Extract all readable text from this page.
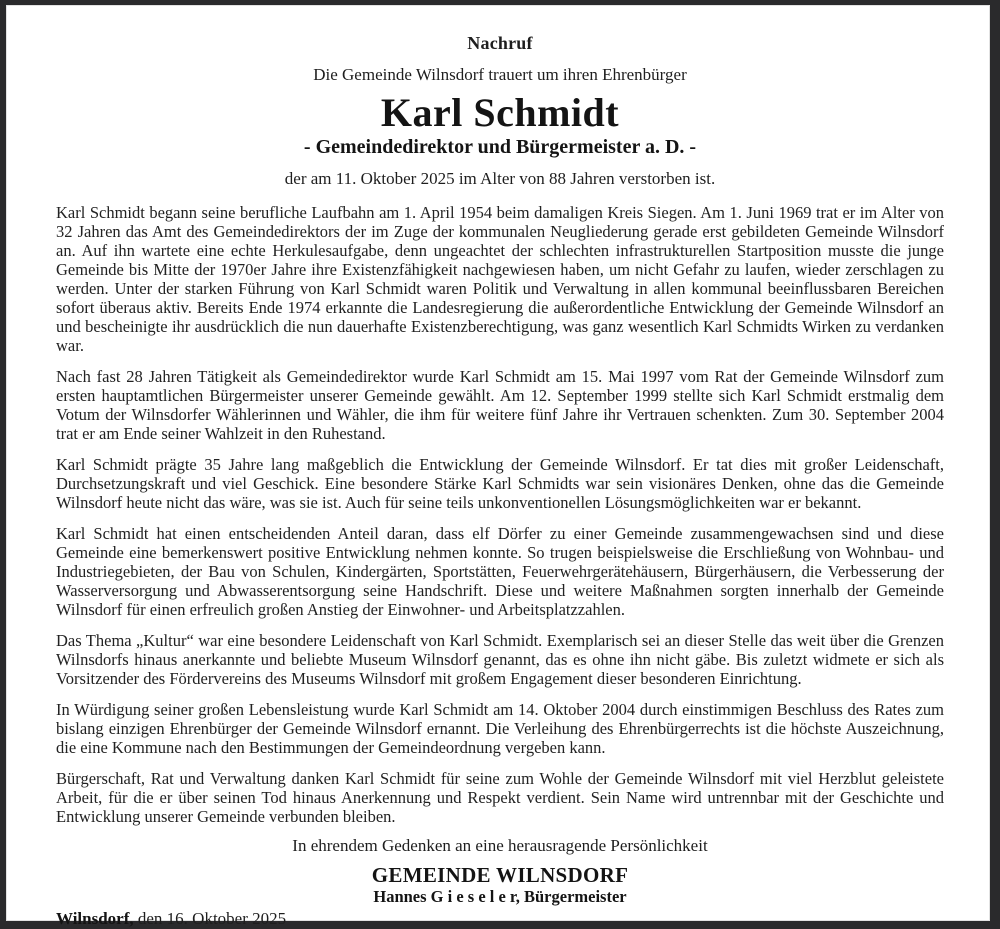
Nachruf
Die Gemeinde Wilnsdorf trauert um ihren Ehrenbürger
Karl Schmidt
- Gemeindedirektor und Bürgermeister a. D. -
der am 11. Oktober 2025 im Alter von 88 Jahren verstorben ist.

Karl Schmidt begann seine berufliche Laufbahn am 1. April 1954 beim damaligen Kreis Siegen. Am 1. Juni 1969 trat er im Alter von 32 Jahren das Amt des Gemeindedirektors der im Zuge der kommunalen Neugliederung gerade erst gebildeten Gemeinde Wilnsdorf an. Auf ihn wartete eine echte Herkulesaufgabe, denn ungeachtet der schlechten infrastrukturellen Startposition musste die junge Gemeinde bis Mitte der 1970er Jahre ihre Existenzfähigkeit nachgewiesen haben, um nicht Gefahr zu laufen, wieder zerschlagen zu werden. Unter der starken Führung von Karl Schmidt waren Politik und Verwaltung in allen kommunal beeinflussbaren Bereichen sofort überaus aktiv. Bereits Ende 1974 erkannte die Landesregierung die außerordentliche Entwicklung der Gemeinde Wilnsdorf an und bescheinigte ihr ausdrücklich die nun dauerhafte Existenzberechtigung, was ganz wesentlich Karl Schmidts Wirken zu verdanken war.

Nach fast 28 Jahren Tätigkeit als Gemeindedirektor wurde Karl Schmidt am 15. Mai 1997 vom Rat der Gemeinde Wilnsdorf zum ersten hauptamtlichen Bürgermeister unserer Gemeinde gewählt. Am 12. September 1999 stellte sich Karl Schmidt erstmalig dem Votum der Wilnsdorfer Wählerinnen und Wähler, die ihm für weitere fünf Jahre ihr Vertrauen schenkten. Zum 30. September 2004 trat er am Ende seiner Wahlzeit in den Ruhestand.

Karl Schmidt prägte 35 Jahre lang maßgeblich die Entwicklung der Gemeinde Wilnsdorf. Er tat dies mit großer Leidenschaft, Durchsetzungskraft und viel Geschick. Eine besondere Stärke Karl Schmidts war sein visionäres Denken, ohne das die Gemeinde Wilnsdorf heute nicht das wäre, was sie ist. Auch für seine teils unkonventionellen Lösungsmöglichkeiten war er bekannt.

Karl Schmidt hat einen entscheidenden Anteil daran, dass elf Dörfer zu einer Gemeinde zusammengewachsen sind und diese Gemeinde eine bemerkenswert positive Entwicklung nehmen konnte. So trugen beispielsweise die Erschließung von Wohnbau- und Industriegebieten, der Bau von Schulen, Kindergärten, Sportstätten, Feuerwehrgerätehäusern, Bürgerhäusern, die Verbesserung der Wasserversorgung und Abwasserentsorgung seine Handschrift. Diese und weitere Maßnahmen sorgten innerhalb der Gemeinde Wilnsdorf für einen erfreulich großen Anstieg der Einwohner- und Arbeitsplatzzahlen.

Das Thema „Kultur“ war eine besondere Leidenschaft von Karl Schmidt. Exemplarisch sei an dieser Stelle das weit über die Grenzen Wilnsdorfs hinaus anerkannte und beliebte Museum Wilnsdorf genannt, das es ohne ihn nicht gäbe. Bis zuletzt widmete er sich als Vorsitzender des Fördervereins des Museums Wilnsdorf mit großem Engagement dieser besonderen Einrichtung.

In Würdigung seiner großen Lebensleistung wurde Karl Schmidt am 14. Oktober 2004 durch einstimmigen Beschluss des Rates zum bislang einzigen Ehrenbürger der Gemeinde Wilnsdorf ernannt. Die Verleihung des Ehrenbürgerrechts ist die höchste Auszeichnung, die eine Kommune nach den Bestimmungen der Gemeindeordnung vergeben kann.

Bürgerschaft, Rat und Verwaltung danken Karl Schmidt für seine zum Wohle der Gemeinde Wilnsdorf mit viel Herzblut geleistete Arbeit, für die er über seinen Tod hinaus Anerkennung und Respekt verdient. Sein Name wird untrennbar mit der Geschichte und Entwicklung unserer Gemeinde verbunden bleiben.

In ehrendem Gedenken an eine herausragende Persönlichkeit
GEMEINDE WILNSDORF
Hannes G i e s e l e r, Bürgermeister
Wilnsdorf, den 16. Oktober 2025
